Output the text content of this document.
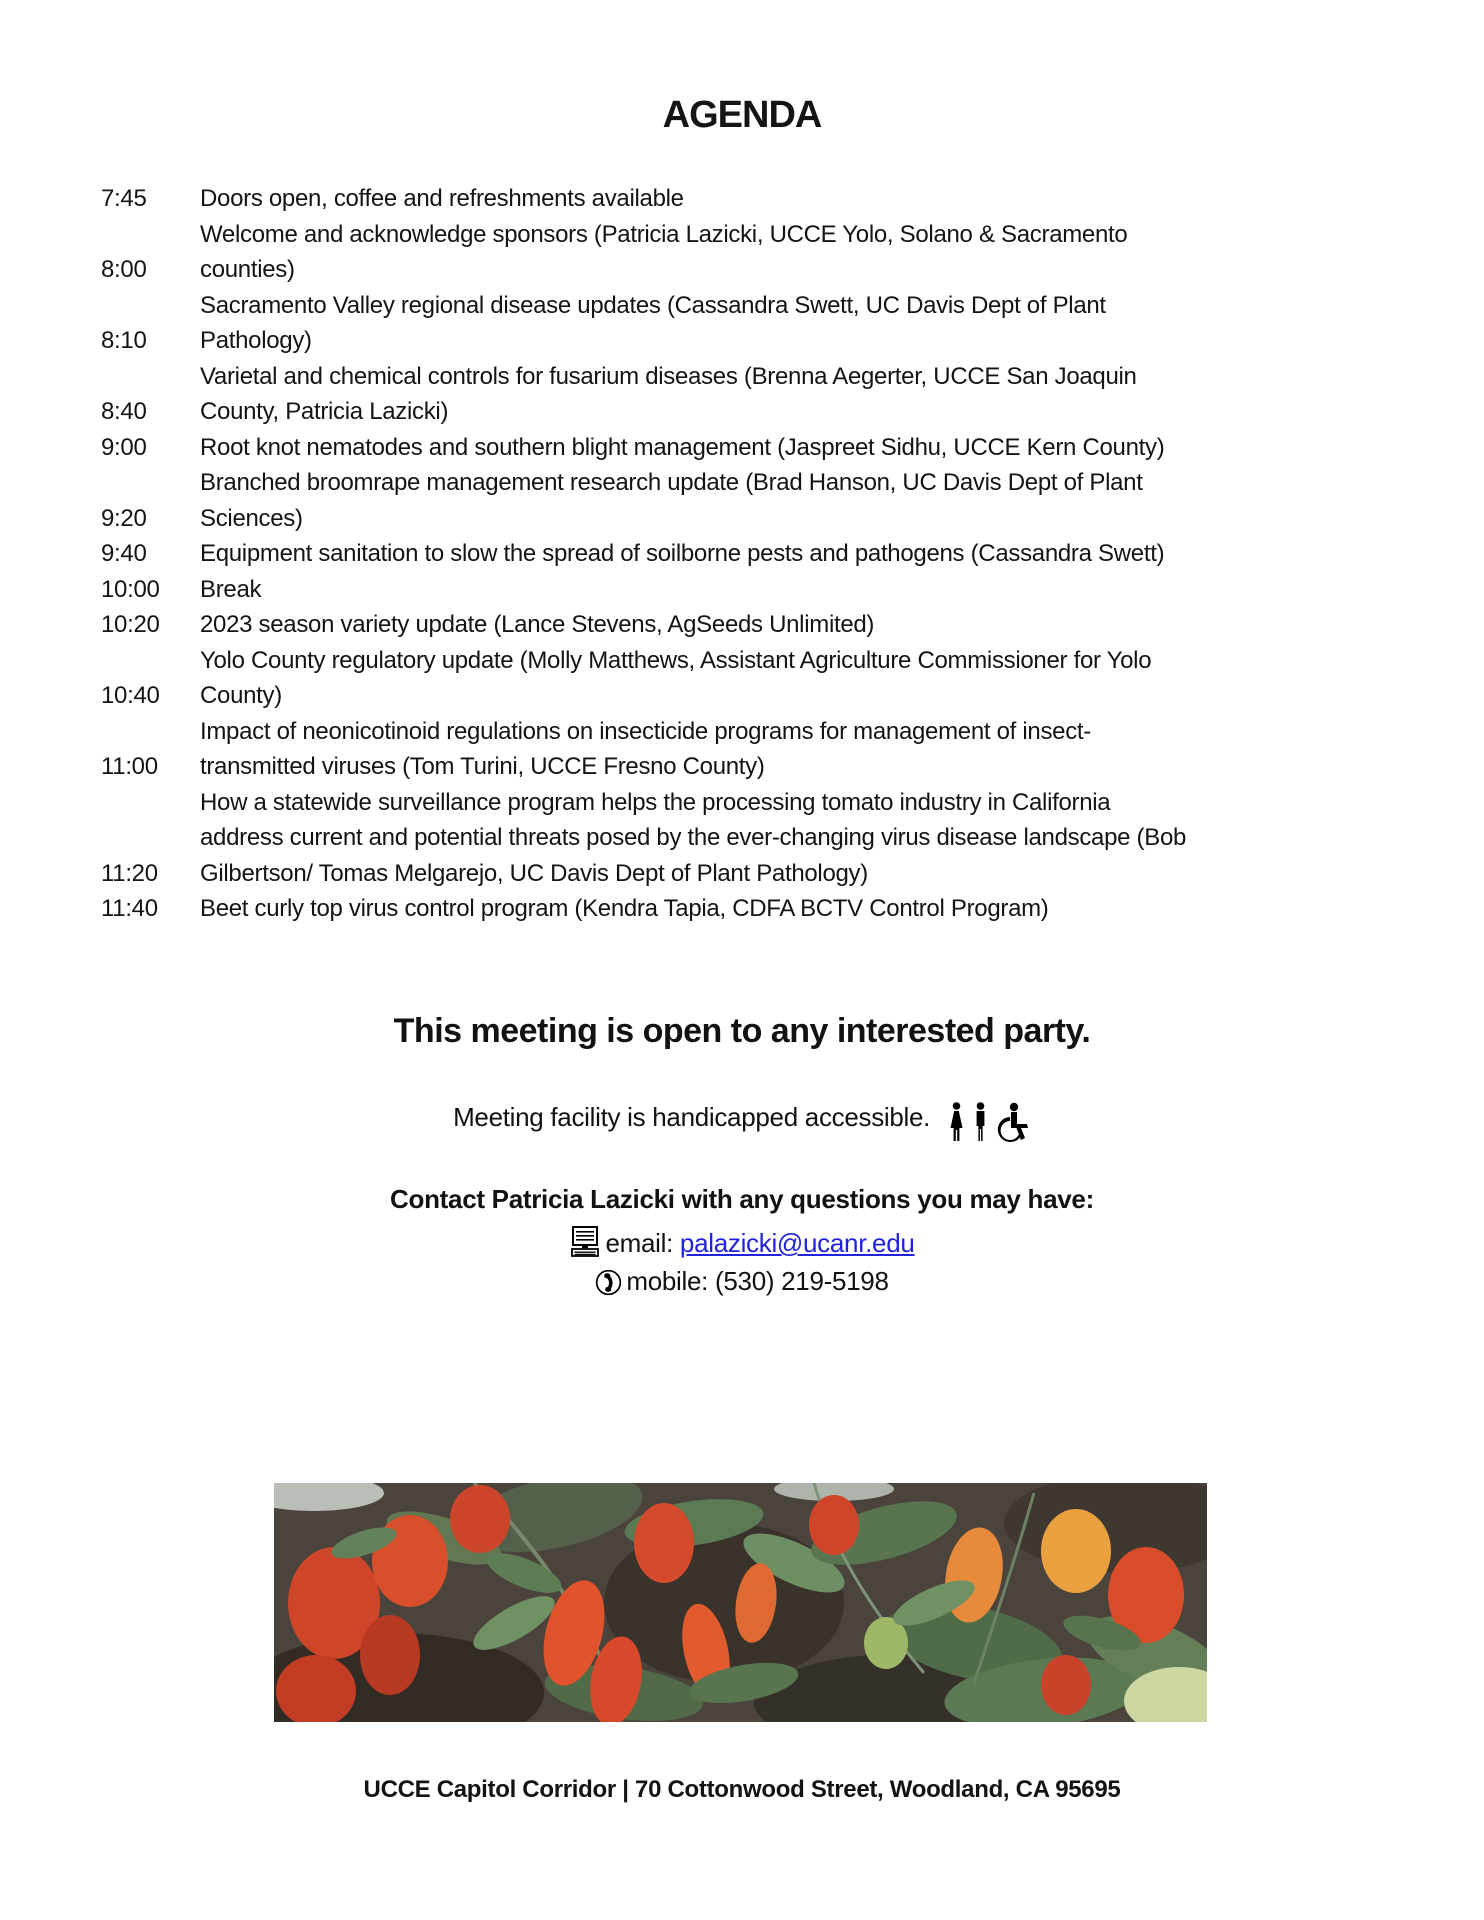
AGENDA
7:45	Doors open, coffee and refreshments available

8:00	Welcome and acknowledge sponsors (Patricia Lazicki, UCCE Yolo, Solano & Sacramento
counties)

8:10	Sacramento Valley regional disease updates (Cassandra Swett, UC Davis Dept of Plant
Pathology)

8:40	Varietal and chemical controls for fusarium diseases (Brenna Aegerter, UCCE San Joaquin
County, Patricia Lazicki)

9:00	Root knot nematodes and southern blight management (Jaspreet Sidhu, UCCE Kern County)

9:20	Branched broomrape management research update (Brad Hanson, UC Davis Dept of Plant
Sciences)

9:40	Equipment sanitation to slow the spread of soilborne pests and pathogens (Cassandra Swett)

10:00	Break

10:20	2023 season variety update (Lance Stevens, AgSeeds Unlimited)

10:40	Yolo County regulatory update (Molly Matthews, Assistant Agriculture Commissioner for Yolo
County)

11:00	Impact of neonicotinoid regulations on insecticide programs for management of insect-
transmitted viruses (Tom Turini, UCCE Fresno County)

11:20	How a statewide surveillance program helps the processing tomato industry in California
address current and potential threats posed by the ever-changing virus disease landscape (Bob
Gilbertson/ Tomas Melgarejo, UC Davis Dept of Plant Pathology)

11:40	Beet curly top virus control program (Kendra Tapia, CDFA BCTV Control Program)
This meeting is open to any interested party.
Meeting facility is handicapped accessible.
Contact Patricia Lazicki with any questions you may have:
email: palazicki@ucanr.edu
mobile: (530) 219-5198
UCCE Capitol Corridor | 70 Cottonwood Street, Woodland, CA 95695
